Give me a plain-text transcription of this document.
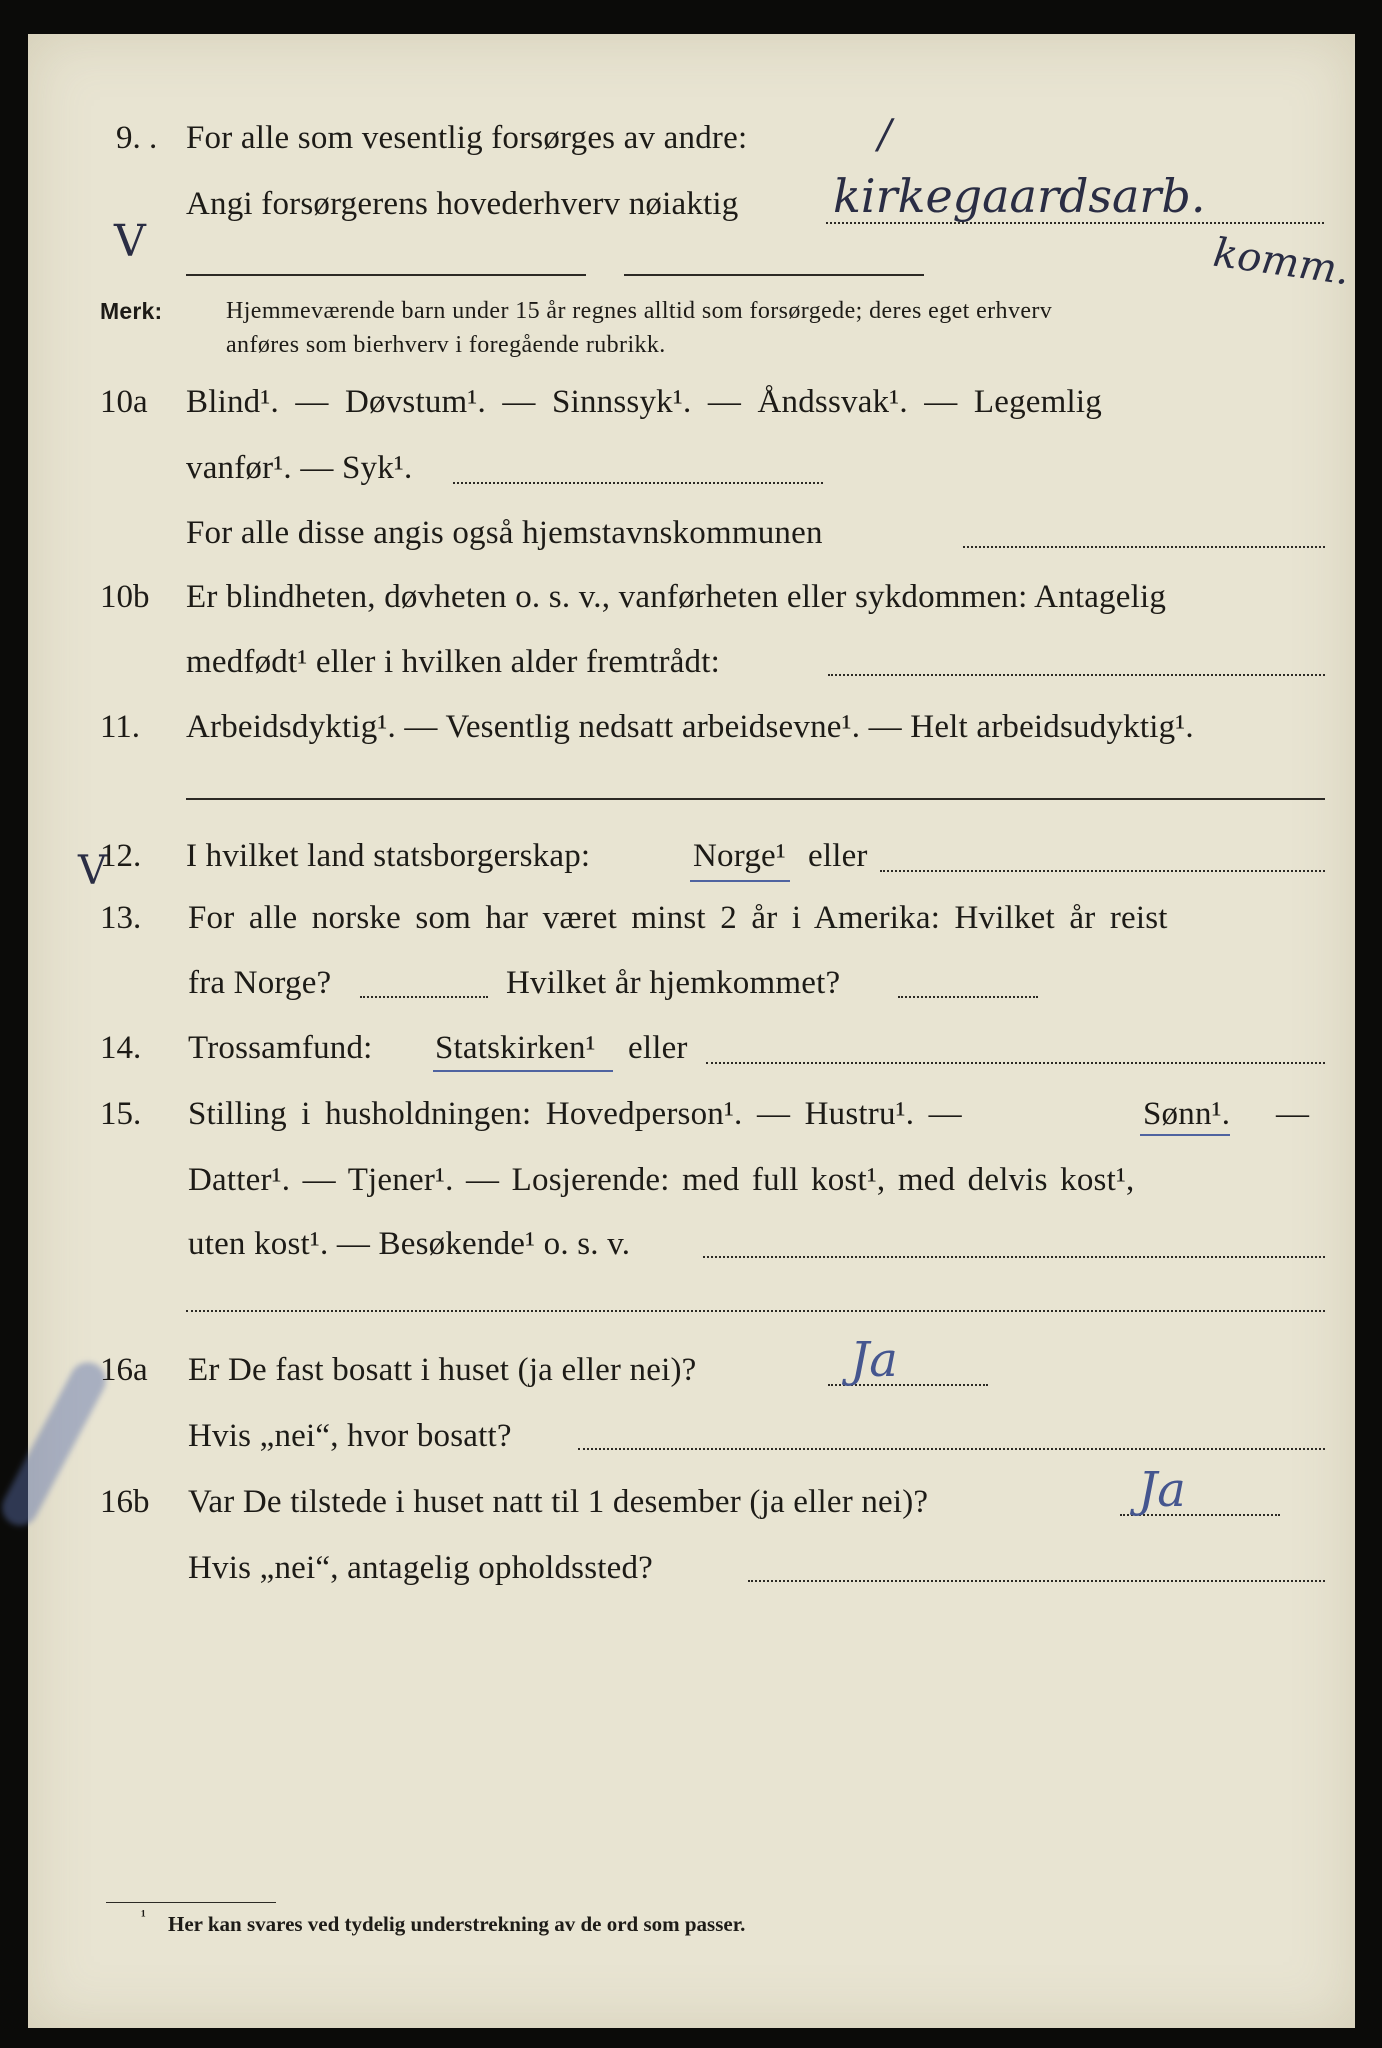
9. . For alle som vesentlig forsørges av andre:	/
Angi forsørgerens hovederhverv nøiaktig kirkegaardsarb.
komm.
V
Merk:	Hjemmeværende barn under 15 år regnes alltid som forsørgede; deres eget erhverv
anføres som bierhverv i foregående rubrikk.
10a Blind¹. — Døvstum¹. — Sinnssyk¹. — Åndssvak¹. — Legemlig
vanfør¹. — Syk¹.
For alle disse angis også hjemstavnskommunen
10b Er blindheten, døvheten o. s. v., vanførheten eller sykdommen: Antagelig
medfødt¹ eller i hvilken alder fremtrådt:
11. Arbeidsdyktig¹. — Vesentlig nedsatt arbeidsevne¹. — Helt arbeidsudyktig¹.
V
12. I hvilket land statsborgerskap:	Norge¹ eller
13. For alle norske som har været minst 2 år i Amerika: Hvilket år reist
fra Norge?	Hvilket år hjemkommet?
14. Trossamfund: Statskirken¹ eller
15. Stilling i husholdningen: Hovedperson¹. — Hustru¹. —	Sønn¹. —
Datter¹. — Tjener¹. — Losjerende: med full kost¹, med delvis kost¹,
uten kost¹. — Besøkende¹ o. s. v.
16a Er De fast bosatt i huset (ja eller nei)?	Ja
Hvis „nei“, hvor bosatt?
16b Var De tilstede i huset natt til 1 desember (ja eller nei)?	Ja
Hvis „nei“, antagelig opholdssted?
¹ Her kan svares ved tydelig understrekning av de ord som passer.
